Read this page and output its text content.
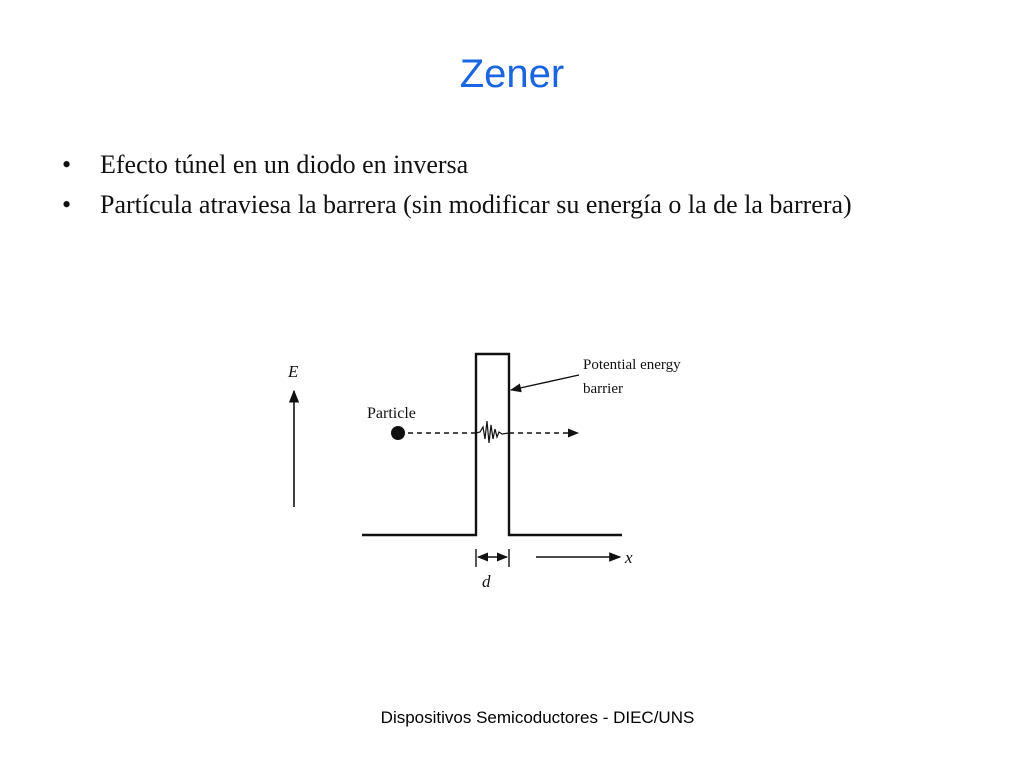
Zener
• Efecto túnel en un diodo en inversa
• Partícula atraviesa la barrera (sin modificar su energía o la de la barrera)
E
Particle
Potential energy
barrier
d
x
Dispositivos Semicoductores - DIEC/UNS
